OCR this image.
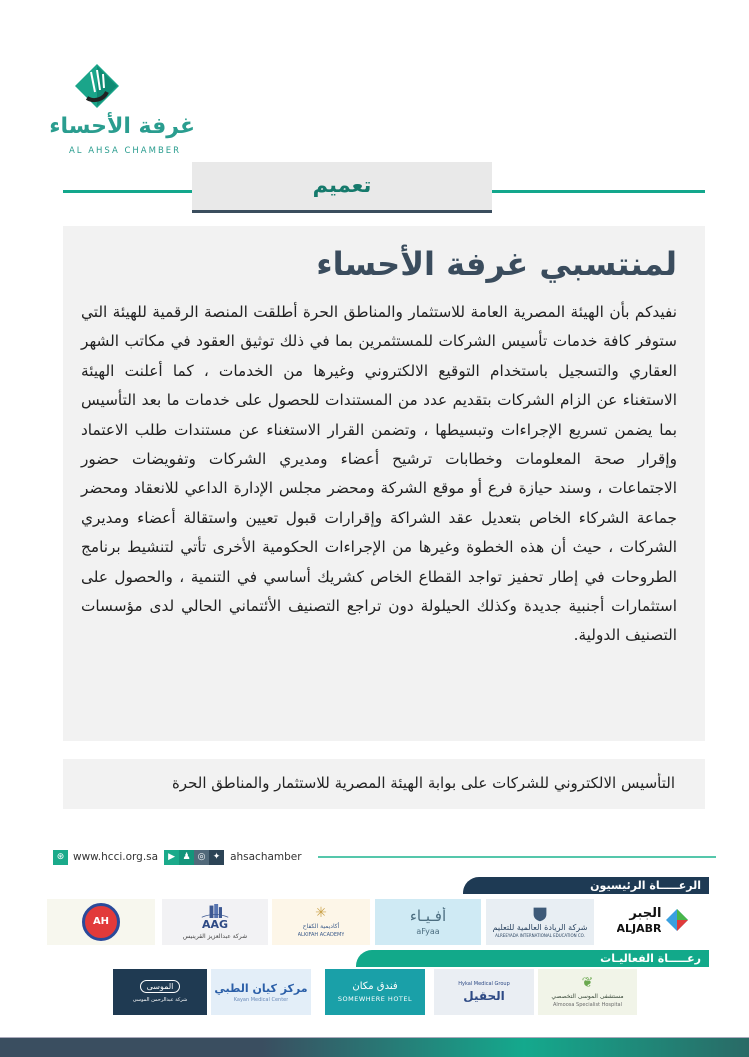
غرفة الأحساء
AL AHSA CHAMBER
تعميم
لمنتسبي غرفة الأحساء
نفيدكم بأن الهيئة المصرية العامة للاستثمار والمناطق الحرة أطلقت المنصة الرقمية للهيئة التي ستوفر كافة خدمات تأسيس الشركات للمستثمرين بما في ذلك توثيق العقود في مكاتب الشهر العقاري والتسجيل باستخدام التوقيع الالكتروني وغيرها من الخدمات ، كما أعلنت الهيئة الاستغناء عن الزام الشركات بتقديم عدد من المستندات للحصول على خدمات ما بعد التأسيس بما يضمن تسريع الإجراءات وتبسيطها ، وتضمن القرار الاستغناء عن مستندات طلب الاعتماد وإقرار صحة المعلومات وخطابات ترشيح أعضاء ومديري الشركات وتفويضات حضور الاجتماعات ، وسند حيازة فرع أو موقع الشركة ومحضر مجلس الإدارة الداعي للانعقاد ومحضر جماعة الشركاء الخاص بتعديل عقد الشراكة وإقرارات قبول تعيين واستقالة أعضاء ومديري الشركات ، حيث أن هذه الخطوة وغيرها من الإجراءات الحكومية الأخرى تأتي لتنشيط برنامج الطروحات في إطار تحفيز تواجد القطاع الخاص كشريك أساسي في التنمية ، والحصول على استثمارات أجنبية جديدة وكذلك الحيلولة دون تراجع التصنيف الأئتماني الحالي لدى مؤسسات التصنيف الدولية.
التأسيس الالكتروني للشركات على بوابة الهيئة المصرية للاستثمار والمناطق الحرة
⊛ www.hcci.org.sa	▶ ♟ ◎ ✦ ahsachamber
الرعـــــاة الرئيسيون
الجبر
ALJABR
شركة الريادة العالمية للتعليم
ALREEYADA INTERNATIONAL EDUCATION CO.
أفـيـاء
aFyaa
✳
أكاديمية الكفاح
ALKIFAH ACADEMY
AAG
شركة عبدالعزيز القرينيس
AH
رعـــــاة الفعاليـات
❦
مستشفى الموسى التخصصي
Almoosa Specialist Hospital
Hykal Medical Group
الحقيل
فندق مكان
SOMEWHERE HOTEL
مركز كيان الطبي
Kayan Medical Center
الموسى
شركة عبدالرحمن الموسى
